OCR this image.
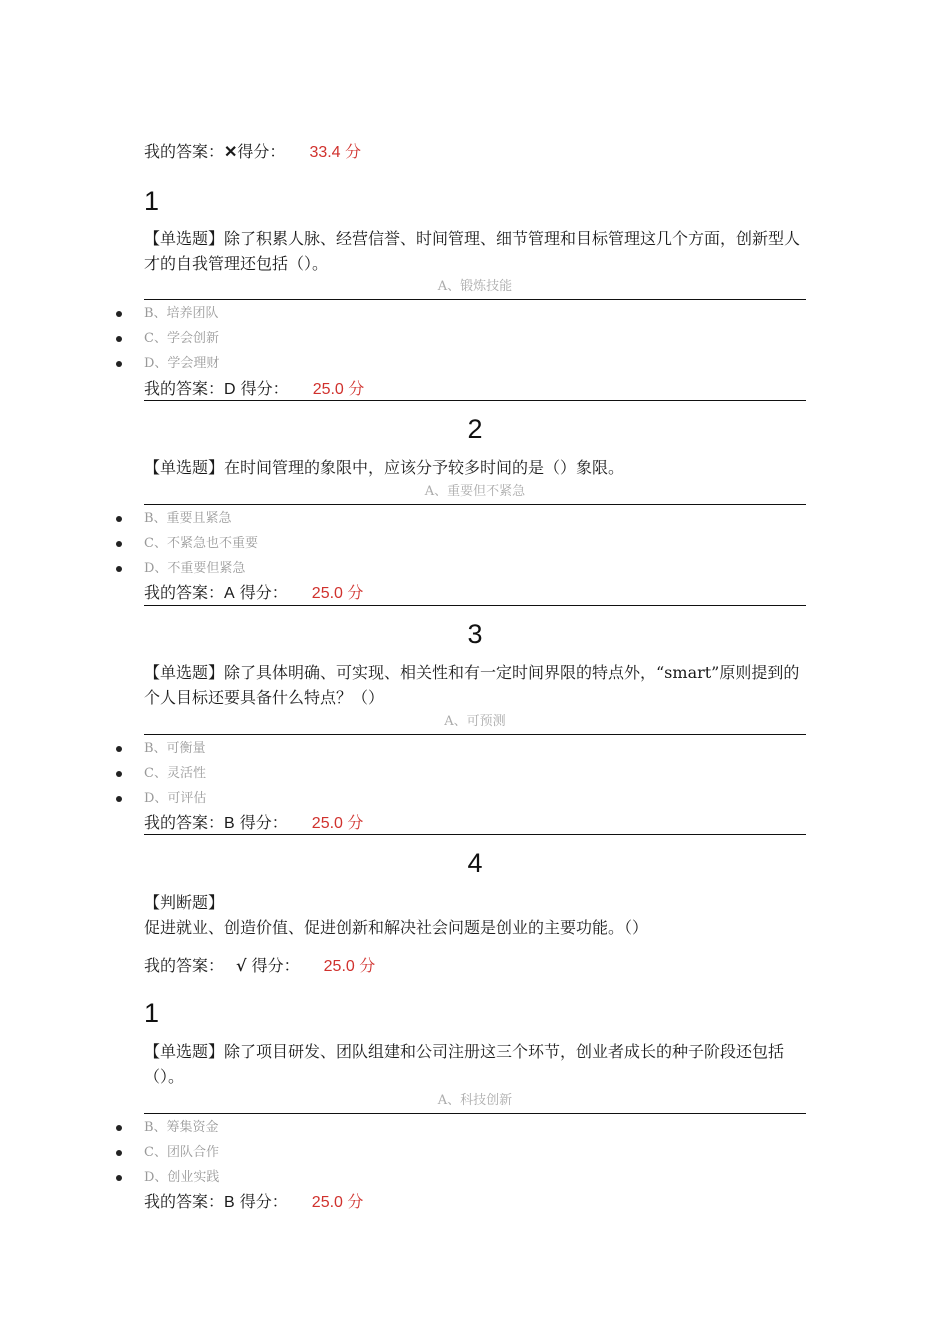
我的答案：✕得分： 33.4 分
1
【单选题】除了积累人脉、经营信誉、时间管理、细节管理和目标管理这几个方面，创新型人才的自我管理还包括（）。
A、锻炼技能
B、培养团队
C、学会创新
D、学会理财
我的答案：D 得分： 25.0 分
2
【单选题】在时间管理的象限中，应该分予较多时间的是（）象限。
A、重要但不紧急
B、重要且紧急
C、不紧急也不重要
D、不重要但紧急
我的答案：A 得分： 25.0 分
3
【单选题】除了具体明确、可实现、相关性和有一定时间界限的特点外，“smart”原则提到的个人目标还要具备什么特点？（）
A、可预测
B、可衡量
C、灵活性
D、可评估
我的答案：B 得分： 25.0 分
4
【判断题】
促进就业、创造价值、促进创新和解决社会问题是创业的主要功能。（）
我的答案： √ 得分： 25.0 分
1
【单选题】除了项目研发、团队组建和公司注册这三个环节，创业者成长的种子阶段还包括（）。
A、科技创新
B、筹集资金
C、团队合作
D、创业实践
我的答案：B 得分： 25.0 分
